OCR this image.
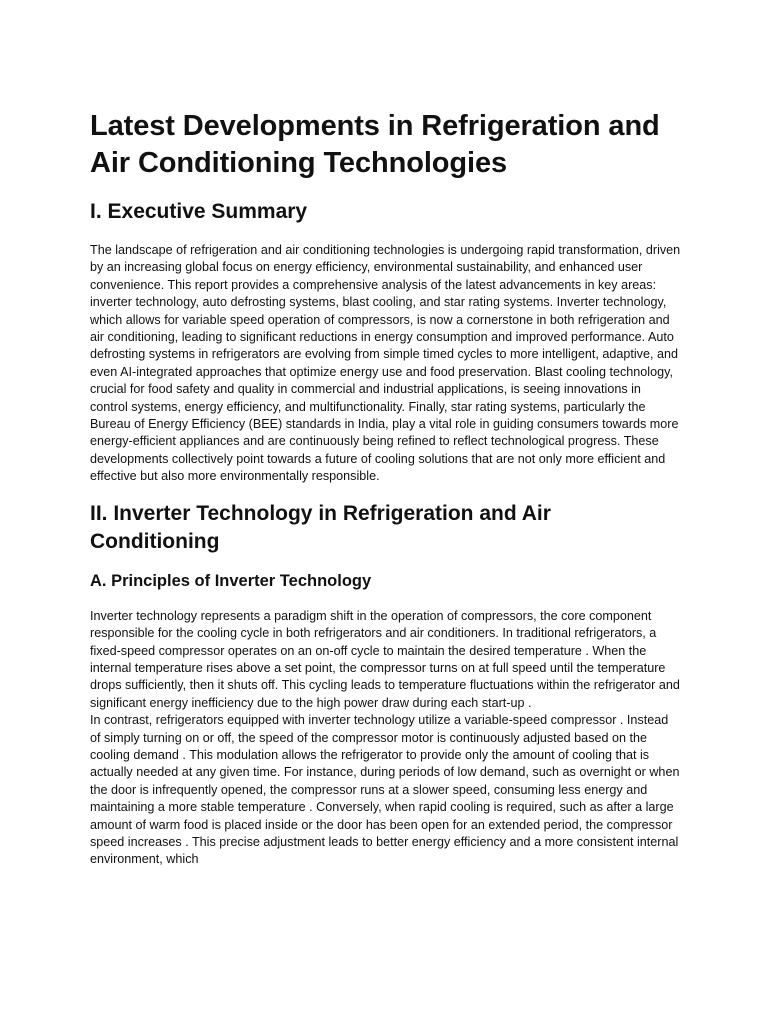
Latest Developments in Refrigeration and Air Conditioning Technologies
I. Executive Summary

The landscape of refrigeration and air conditioning technologies is undergoing rapid transformation, driven by an increasing global focus on energy efficiency, environmental sustainability, and enhanced user convenience. This report provides a comprehensive analysis of the latest advancements in key areas: inverter technology, auto defrosting systems, blast cooling, and star rating systems. Inverter technology, which allows for variable speed operation of compressors, is now a cornerstone in both refrigeration and air conditioning, leading to significant reductions in energy consumption and improved performance. Auto defrosting systems in refrigerators are evolving from simple timed cycles to more intelligent, adaptive, and even AI-integrated approaches that optimize energy use and food preservation. Blast cooling technology, crucial for food safety and quality in commercial and industrial applications, is seeing innovations in control systems, energy efficiency, and multifunctionality. Finally, star rating systems, particularly the Bureau of Energy Efficiency (BEE) standards in India, play a vital role in guiding consumers towards more energy-efficient appliances and are continuously being refined to reflect technological progress. These developments collectively point towards a future of cooling solutions that are not only more efficient and effective but also more environmentally responsible.

II. Inverter Technology in Refrigeration and Air Conditioning
A. Principles of Inverter Technology

Inverter technology represents a paradigm shift in the operation of compressors, the core component responsible for the cooling cycle in both refrigerators and air conditioners. In traditional refrigerators, a fixed-speed compressor operates on an on-off cycle to maintain the desired temperature . When the internal temperature rises above a set point, the compressor turns on at full speed until the temperature drops sufficiently, then it shuts off. This cycling leads to temperature fluctuations within the refrigerator and significant energy inefficiency due to the high power draw during each start-up .

In contrast, refrigerators equipped with inverter technology utilize a variable-speed compressor . Instead of simply turning on or off, the speed of the compressor motor is continuously adjusted based on the cooling demand . This modulation allows the refrigerator to provide only the amount of cooling that is actually needed at any given time. For instance, during periods of low demand, such as overnight or when the door is infrequently opened, the compressor runs at a slower speed, consuming less energy and maintaining a more stable temperature . Conversely, when rapid cooling is required, such as after a large amount of warm food is placed inside or the door has been open for an extended period, the compressor speed increases . This precise adjustment leads to better energy efficiency and a more consistent internal environment, which
